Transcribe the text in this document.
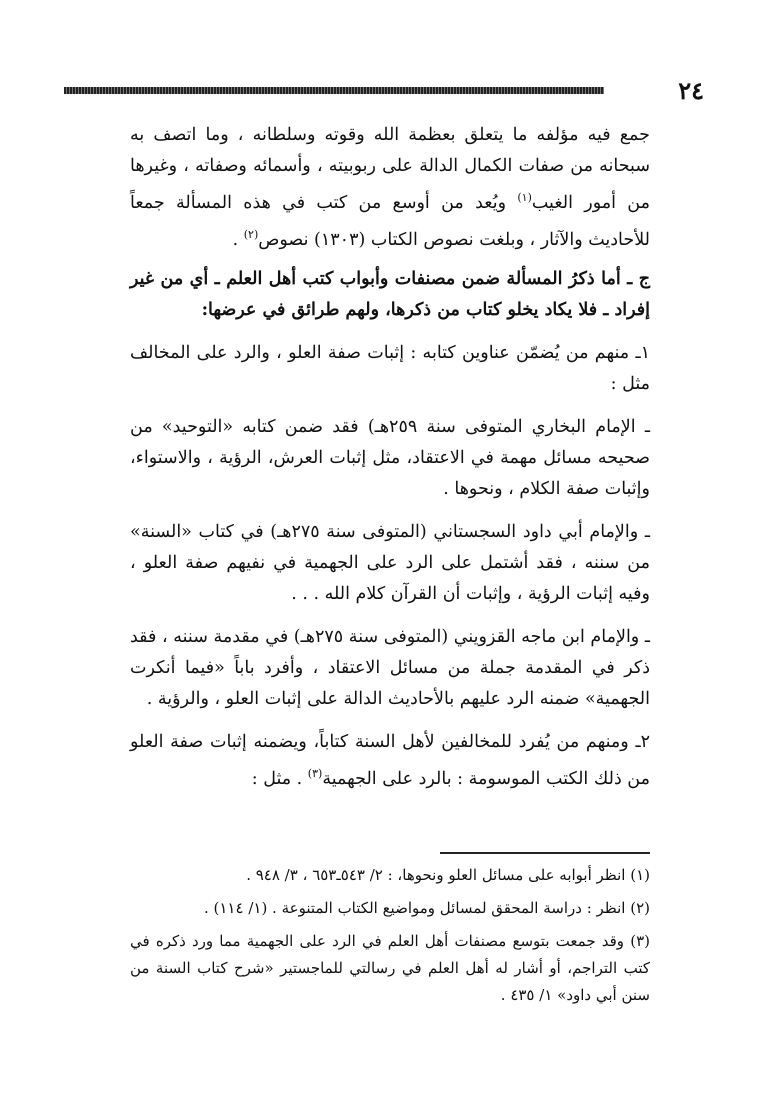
٢٤

جمع فيه مؤلفه ما يتعلق بعظمة الله وقوته وسلطانه ، وما اتصف به سبحانه من صفات الكمال الدالة على ربوبيته ، وأسمائه وصفاته ، وغيرها من أمور الغيب$^{(١)}$ ويُعد من أوسع من كتب في هذه المسألة جمعاً للأحاديث والآثار ، وبلغت نصوص الكتاب (١٣٠٣) نصوص$^{(٢)}$ .

ج ـ أما ذكرُ المسألة ضمن مصنفات وأبواب كتب أهل العلم ـ أي من غير إفراد ـ فلا يكاد يخلو كتاب من ذكرها، ولهم طرائق في عرضها:

١ـ منهم من يُضمّن عناوين كتابه : إثبات صفة العلو ، والرد على المخالف مثل :

ـ الإمام البخاري المتوفى سنة ٢٥٩هـ) فقد ضمن كتابه «التوحيد» من صحيحه مسائل مهمة في الاعتقاد، مثل إثبات العرش، الرؤية ، والاستواء، وإثبات صفة الكلام ، ونحوها .

ـ والإمام أبي داود السجستاني (المتوفى سنة ٢٧٥هـ) في كتاب «السنة» من سننه ، فقد أشتمل على الرد على الجهمية في نفيهم صفة العلو ، وفيه إثبات الرؤية ، وإثبات أن القرآن كلام الله . . .

ـ والإمام ابن ماجه القزويني (المتوفى سنة ٢٧٥هـ) في مقدمة سننه ، فقد ذكر في المقدمة جملة من مسائل الاعتقاد ، وأفرد باباً «فيما أنكرت الجهمية» ضمنه الرد عليهم بالأحاديث الدالة على إثبات العلو ، والرؤية .

٢ـ ومنهم من يُفرد للمخالفين لأهل السنة كتاباً، ويضمنه إثبات صفة العلو من ذلك الكتب الموسومة : بالرد على الجهمية$^{(٣)}$ . مثل :

(١) انظر أبوابه على مسائل العلو ونحوها، : ٢/ ٥٤٣ـ٦٥٣ ، ٣/ ٩٤٨ .

(٢) انظر : دراسة المحقق لمسائل ومواضيع الكتاب المتنوعة . (١/ ١١٤) .

(٣) وقد جمعت بتوسع مصنفات أهل العلم في الرد على الجهمية مما ورد ذكره في كتب التراجم، أو أشار له أهل العلم في رسالتي للماجستير «شرح كتاب السنة من سنن أبي داود» ١/ ٤٣٥ .
